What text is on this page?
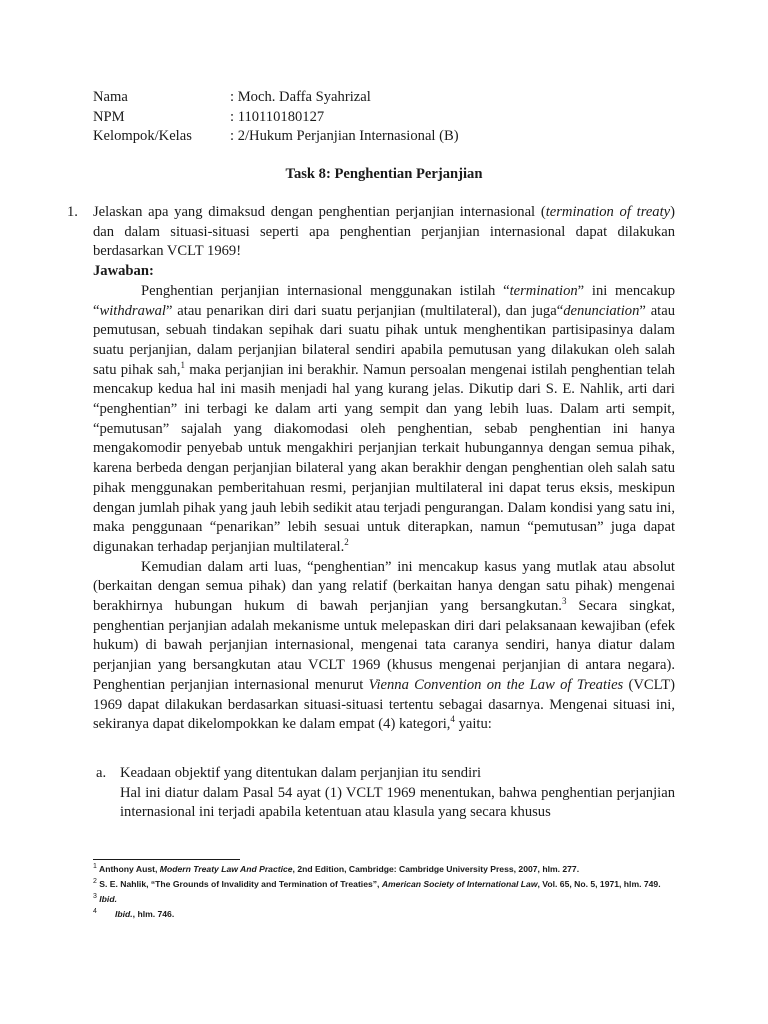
Nama	: Moch. Daffa Syahrizal
NPM	: 110110180127
Kelompok/Kelas	: 2/Hukum Perjanjian Internasional (B)
Task 8: Penghentian Perjanjian
1. Jelaskan apa yang dimaksud dengan penghentian perjanjian internasional (termination of treaty) dan dalam situasi-situasi seperti apa penghentian perjanjian internasional dapat dilakukan berdasarkan VCLT 1969!

Jawaban:

Penghentian perjanjian internasional menggunakan istilah “termination” ini mencakup “withdrawal” atau penarikan diri dari suatu perjanjian (multilateral), dan juga“denunciation” atau pemutusan, sebuah tindakan sepihak dari suatu pihak untuk menghentikan partisipasinya dalam suatu perjanjian, dalam perjanjian bilateral sendiri apabila pemutusan yang dilakukan oleh salah satu pihak sah,$^1$ maka perjanjian ini berakhir. Namun persoalan mengenai istilah penghentian telah mencakup kedua hal ini masih menjadi hal yang kurang jelas. Dikutip dari S. E. Nahlik, arti dari “penghentian” ini terbagi ke dalam arti yang sempit dan yang lebih luas. Dalam arti sempit, “pemutusan” sajalah yang diakomodasi oleh penghentian, sebab penghentian ini hanya mengakomodir penyebab untuk mengakhiri perjanjian terkait hubungannya dengan semua pihak, karena berbeda dengan perjanjian bilateral yang akan berakhir dengan penghentian oleh salah satu pihak menggunakan pemberitahuan resmi, perjanjian multilateral ini dapat terus eksis, meskipun dengan jumlah pihak yang jauh lebih sedikit atau terjadi pengurangan. Dalam kondisi yang satu ini, maka penggunaan “penarikan” lebih sesuai untuk diterapkan, namun “pemutusan” juga dapat digunakan terhadap perjanjian multilateral.$^2$

Kemudian dalam arti luas, “penghentian” ini mencakup kasus yang mutlak atau absolut (berkaitan dengan semua pihak) dan yang relatif (berkaitan hanya dengan satu pihak) mengenai berakhirnya hubungan hukum di bawah perjanjian yang bersangkutan.$^3$ Secara singkat, penghentian perjanjian adalah mekanisme untuk melepaskan diri dari pelaksanaan kewajiban (efek hukum) di bawah perjanjian internasional, mengenai tata caranya sendiri, hanya diatur dalam perjanjian yang bersangkutan atau VCLT 1969 (khusus mengenai perjanjian di antara negara). Penghentian perjanjian internasional menurut Vienna Convention on the Law of Treaties (VCLT) 1969 dapat dilakukan berdasarkan situasi-situasi tertentu sebagai dasarnya. Mengenai situasi ini, sekiranya dapat dikelompokkan ke dalam empat (4) kategori,$^4$ yaitu:

a. Keadaan objektif yang ditentukan dalam perjanjian itu sendiri
Hal ini diatur dalam Pasal 54 ayat (1) VCLT 1969 menentukan, bahwa penghentian perjanjian internasional ini terjadi apabila ketentuan atau klasula yang secara khusus
$^1$ Anthony Aust, Modern Treaty Law And Practice, 2nd Edition, Cambridge: Cambridge University Press, 2007, hlm. 277.
$^2$ S. E. Nahlik, “The Grounds of Invalidity and Termination of Treaties”, American Society of International Law, Vol. 65, No. 5, 1971, hlm. 749.
$^3$ Ibid.
4 Ibid., hlm. 746.
